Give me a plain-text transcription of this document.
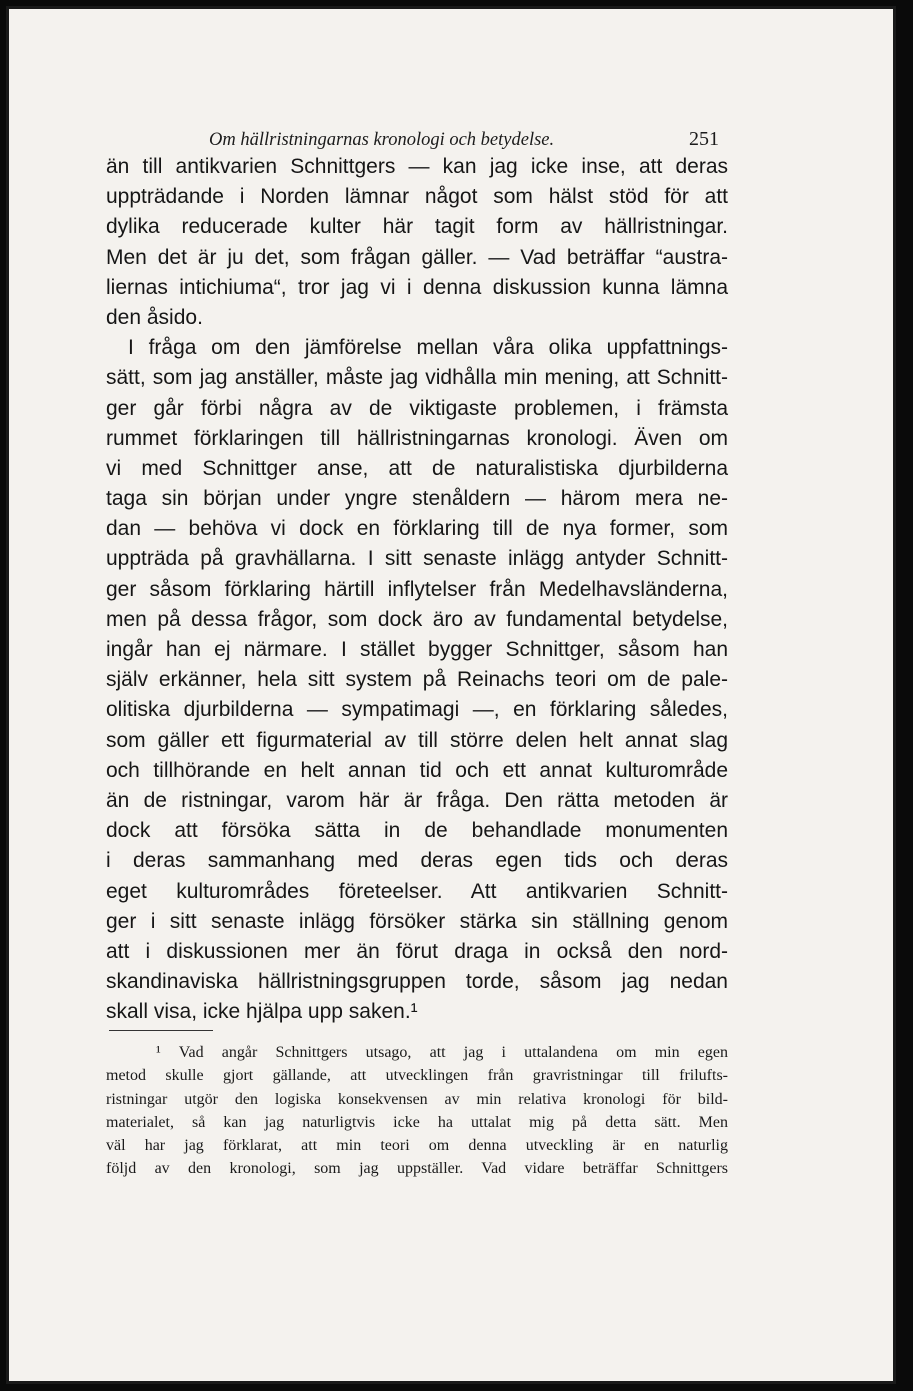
Om hällristningarnas kronologi och betydelse.	251
än till antikvarien Schnittgers — kan jag icke inse, att deras
uppträdande i Norden lämnar något som hälst stöd för att
dylika reducerade kulter här tagit form av hällristningar.
Men det är ju det, som frågan gäller. — Vad beträffar “austra-
liernas intichiuma“, tror jag vi i denna diskussion kunna lämna
den åsido.
I fråga om den jämförelse mellan våra olika uppfattnings-
sätt, som jag anställer, måste jag vidhålla min mening, att Schnitt-
ger går förbi några av de viktigaste problemen, i främsta
rummet förklaringen till hällristningarnas kronologi. Även om
vi med Schnittger anse, att de naturalistiska djurbilderna
taga sin början under yngre stenåldern — härom mera ne-
dan — behöva vi dock en förklaring till de nya former, som
uppträda på gravhällarna. I sitt senaste inlägg antyder Schnitt-
ger såsom förklaring härtill inflytelser från Medelhavsländerna,
men på dessa frågor, som dock äro av fundamental betydelse,
ingår han ej närmare. I stället bygger Schnittger, såsom han
själv erkänner, hela sitt system på Reinachs teori om de pale-
olitiska djurbilderna — sympatimagi —, en förklaring således,
som gäller ett figurmaterial av till större delen helt annat slag
och tillhörande en helt annan tid och ett annat kulturområde
än de ristningar, varom här är fråga. Den rätta metoden är
dock att försöka sätta in de behandlade monumenten
i deras sammanhang med deras egen tids och deras
eget kulturområdes företeelser. Att antikvarien Schnitt-
ger i sitt senaste inlägg försöker stärka sin ställning genom
att i diskussionen mer än förut draga in också den nord-
skandinaviska hällristningsgruppen torde, såsom jag nedan
skall visa, icke hjälpa upp saken.¹
¹ Vad angår Schnittgers utsago, att jag i uttalandena om min egen
metod skulle gjort gällande, att utvecklingen från gravristningar till frilufts-
ristningar utgör den logiska konsekvensen av min relativa kronologi för bild-
materialet, så kan jag naturligtvis icke ha uttalat mig på detta sätt. Men
väl har jag förklarat, att min teori om denna utveckling är en naturlig
följd av den kronologi, som jag uppställer. Vad vidare beträffar Schnittgers
